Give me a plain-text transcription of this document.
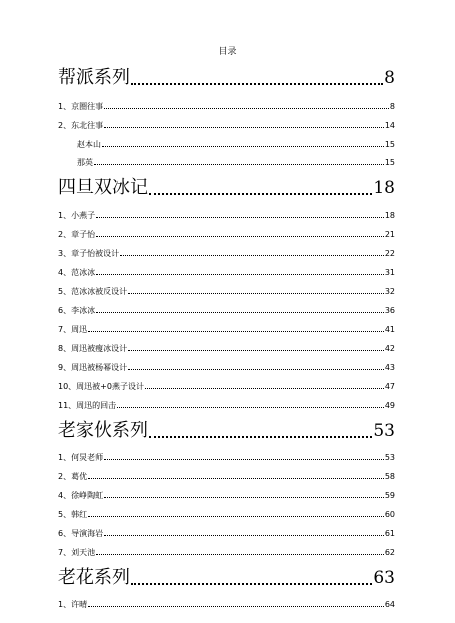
目录
帮派系列	8
1、京圈往事	8
2、东北往事	14
赵本山	15
那英	15
四旦双冰记	18
1、小燕子	18
2、章子怡	21
3、章子怡被设计	22
4、范冰冰	31
5、范冰冰被反设计	32
6、李冰冰	36
7、周迅	41
8、周迅被瘦冰设计	42
9、周迅被杨幂设计	43
10、周迅被+0燕子设计	47
11、周迅的回击	49
老家伙系列	53
1、何炅老师	53
2、葛优	58
4、徐峥陶虹	59
5、韩红	60
6、导演海岩	61
7、刘天池	62
老花系列	63
1、许晴	64
